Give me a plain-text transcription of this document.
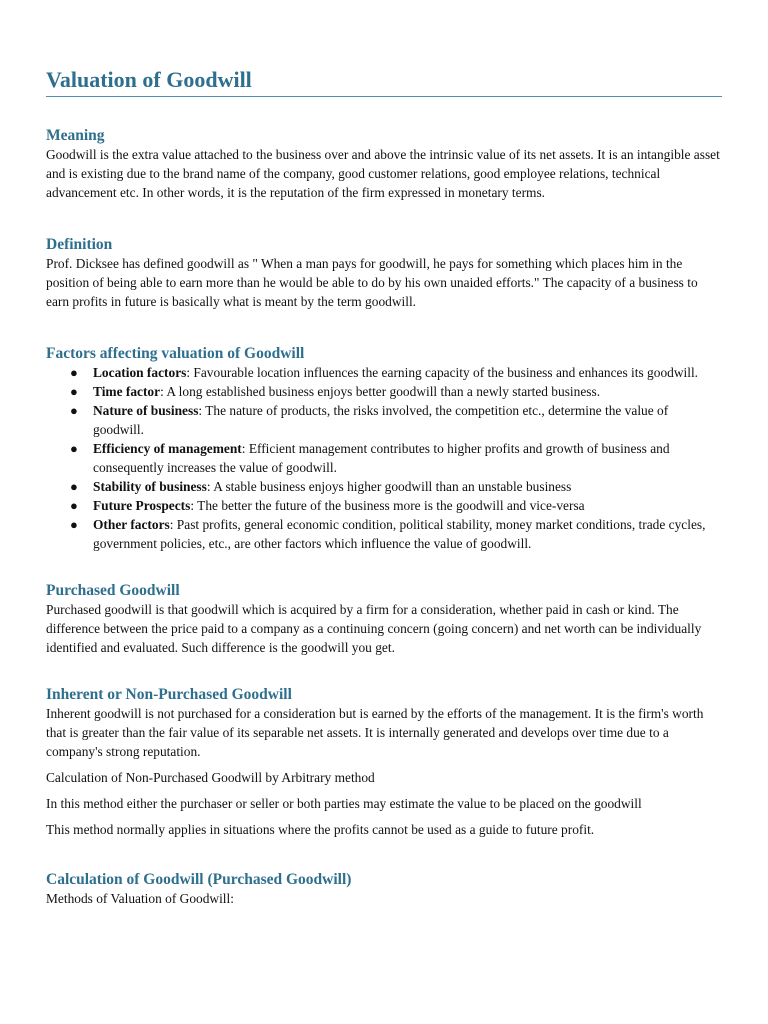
Valuation of Goodwill
Meaning

Goodwill is the extra value attached to the business over and above the intrinsic value of its net assets. It is an intangible asset and is existing due to the brand name of the company, good customer relations, good employee relations, technical advancement etc. In other words, it is the reputation of the firm expressed in monetary terms.

Definition

Prof. Dicksee has defined goodwill as " When a man pays for goodwill, he pays for something which places him in the position of being able to earn more than he would be able to do by his own unaided efforts." The capacity of a business to earn profits in future is basically what is meant by the term goodwill.

Factors affecting valuation of Goodwill
● Location factors: Favourable location influences the earning capacity of the business and enhances its goodwill.
● Time factor: A long established business enjoys better goodwill than a newly started business.
● Nature of business: The nature of products, the risks involved, the competition etc., determine the value of goodwill.
● Efficiency of management: Efficient management contributes to higher profits and growth of business and consequently increases the value of goodwill.
● Stability of business: A stable business enjoys higher goodwill than an unstable business
● Future Prospects: The better the future of the business more is the goodwill and vice-versa
● Other factors: Past profits, general economic condition, political stability, money market conditions, trade cycles, government policies, etc., are other factors which influence the value of goodwill.
Purchased Goodwill

Purchased goodwill is that goodwill which is acquired by a firm for a consideration, whether paid in cash or kind. The difference between the price paid to a company as a continuing concern (going concern) and net worth can be individually identified and evaluated. Such difference is the goodwill you get.

Inherent or Non-Purchased Goodwill

Inherent goodwill is not purchased for a consideration but is earned by the efforts of the management. It is the firm's worth that is greater than the fair value of its separable net assets. It is internally generated and develops over time due to a company's strong reputation.

Calculation of Non-Purchased Goodwill by Arbitrary method

In this method either the purchaser or seller or both parties may estimate the value to be placed on the goodwill

This method normally applies in situations where the profits cannot be used as a guide to future profit.

Calculation of Goodwill (Purchased Goodwill)

Methods of Valuation of Goodwill:
